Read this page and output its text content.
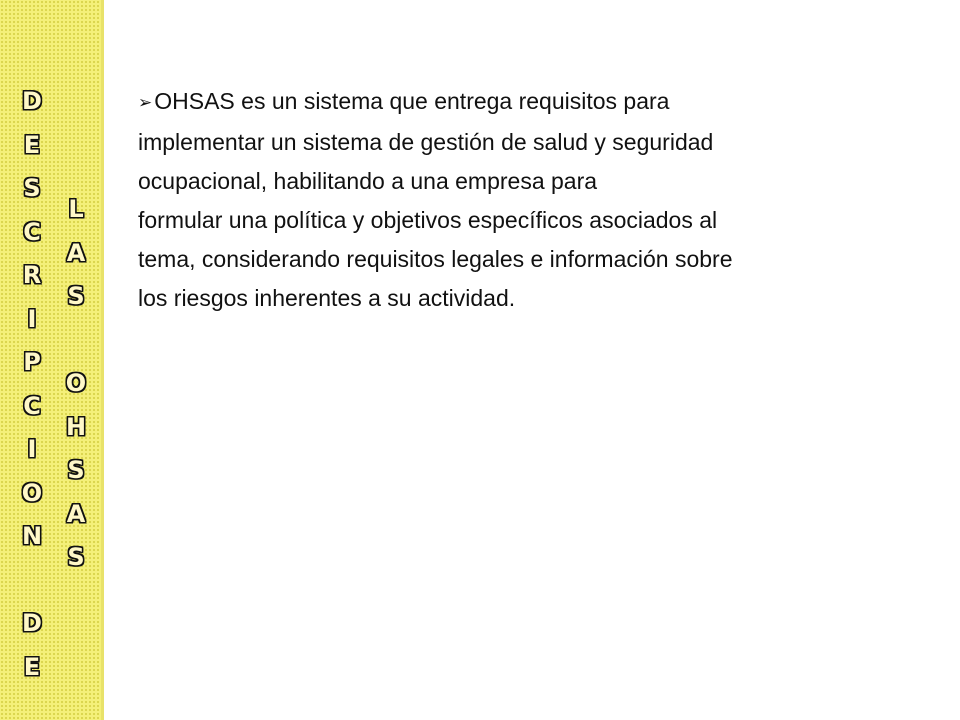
D
E
S
C
R
I
P
C
I
O
N
D
E
L
A
S
O
H
S
A
S
➢OHSAS es un sistema que entrega requisitos para
implementar un sistema de gestión de salud y seguridad
ocupacional, habilitando a una empresa para
formular una política y objetivos específicos asociados al
tema, considerando requisitos legales e información sobre
los riesgos inherentes a su actividad.
